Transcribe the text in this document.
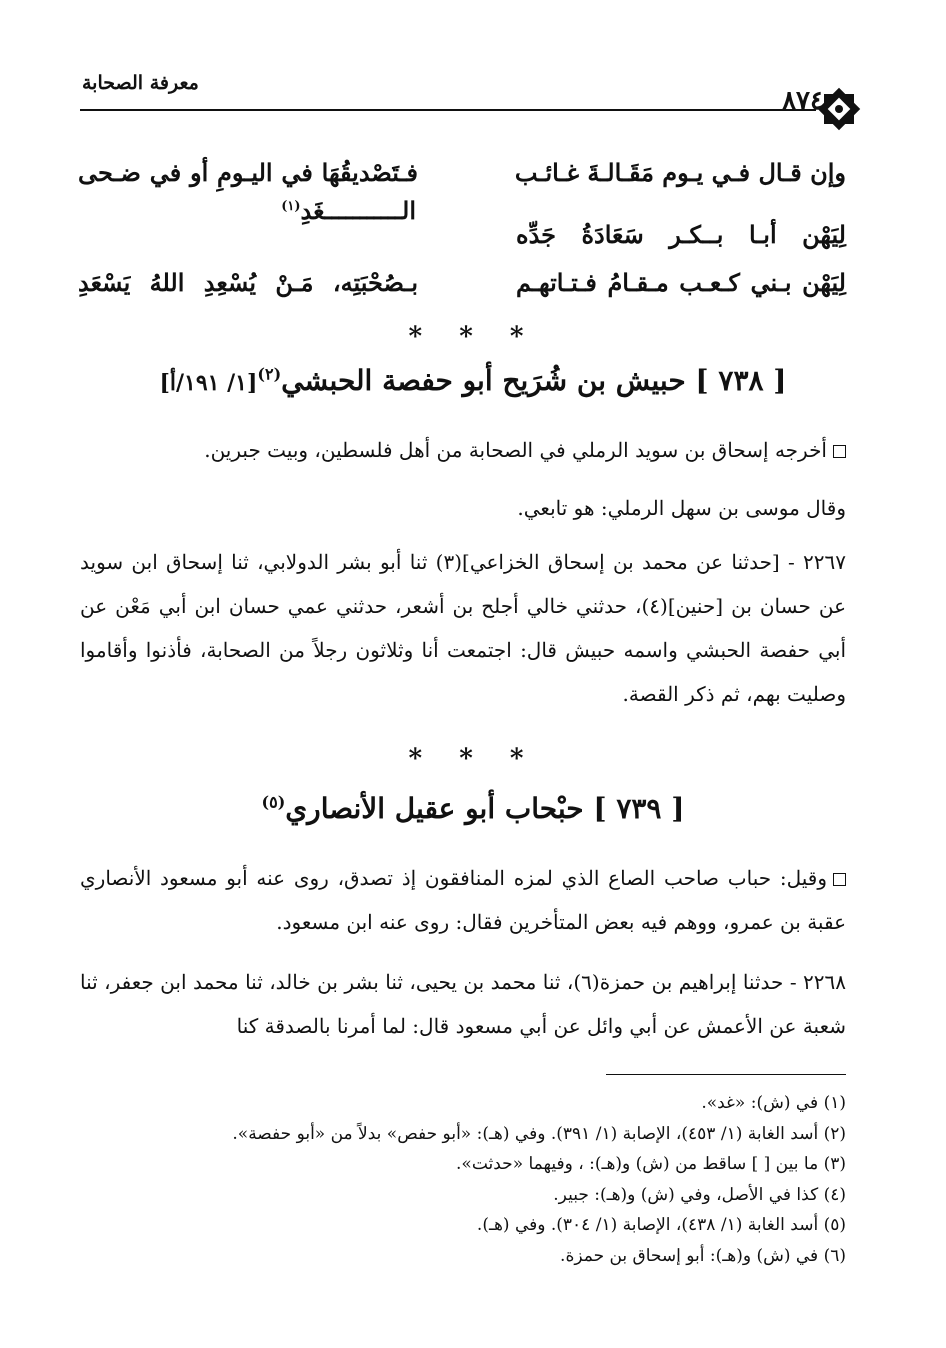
معرفة الصحابة
٨٧٤
وإن قـال فـي يـوم مَقَـالـةَ غـائـب
لِيَهْن أبـا بــكـر سَعَادَةُ جَدِّه
لِيَهْن بـني كـعـب مـقـامُ فـتـاتهـم
فـتَصْديقُهَا في اليـومِ أو في ضـحى
الـــــــــــغَدِ$^{(١)}$
بـصُحْبَتِه، مَـنْ يُسْعِدِ اللهُ يَسْعَدِ
* * *
[ ٧٣٨ ] حبيش بن شُرَيح أبو حفصة الحبشي$^{(٢)}$[١/ ١٩١/أ]
أخرجه إسحاق بن سويد الرملي في الصحابة من أهل فلسطين، وبيت جبرين.
وقال موسى بن سهل الرملي: هو تابعي.
٢٢٦٧ - [حدثنا عن محمد بن إسحاق الخزاعي](٣) ثنا أبو بشر الدولابي، ثنا إسحاق ابن سويد عن حسان بن [حنين](٤)، حدثني خالي أجلح بن أشعر، حدثني عمي حسان ابن أبي مَعْن عن أبي حفصة الحبشي واسمه حبيش قال: اجتمعت أنا وثلاثون رجلاً من الصحابة، فأذنوا وأقاموا وصليت بهم، ثم ذكر القصة.
* * *
[ ٧٣٩ ] حبْحاب أبو عقيل الأنصاري$^{(٥)}$
وقيل: حباب صاحب الصاع الذي لمزه المنافقون إذ تصدق، روى عنه أبو مسعود الأنصاري عقبة بن عمرو، ووهم فيه بعض المتأخرين فقال: روى عنه ابن مسعود.
٢٢٦٨ - حدثنا إبراهيم بن حمزة(٦)، ثنا محمد بن يحيى، ثنا بشر بن خالد، ثنا محمد ابن جعفر، ثنا شعبة عن الأعمش عن أبي وائل عن أبي مسعود قال: لما أمرنا بالصدقة كنا
(١) في (ش): «غد».
(٢) أسد الغابة (١/ ٤٥٣)، الإصابة (١/ ٣٩١). وفي (هـ): «أبو حفص» بدلاً من «أبو حفصة».
(٣) ما بين [ ] ساقط من (ش) و(هـ): ، وفيهما «حدثت».
(٤) كذا في الأصل، وفي (ش) و(هـ): جبير.
(٥) أسد الغابة (١/ ٤٣٨)، الإصابة (١/ ٣٠٤). وفي (هـ).
(٦) في (ش) و(هـ): أبو إسحاق بن حمزة.
